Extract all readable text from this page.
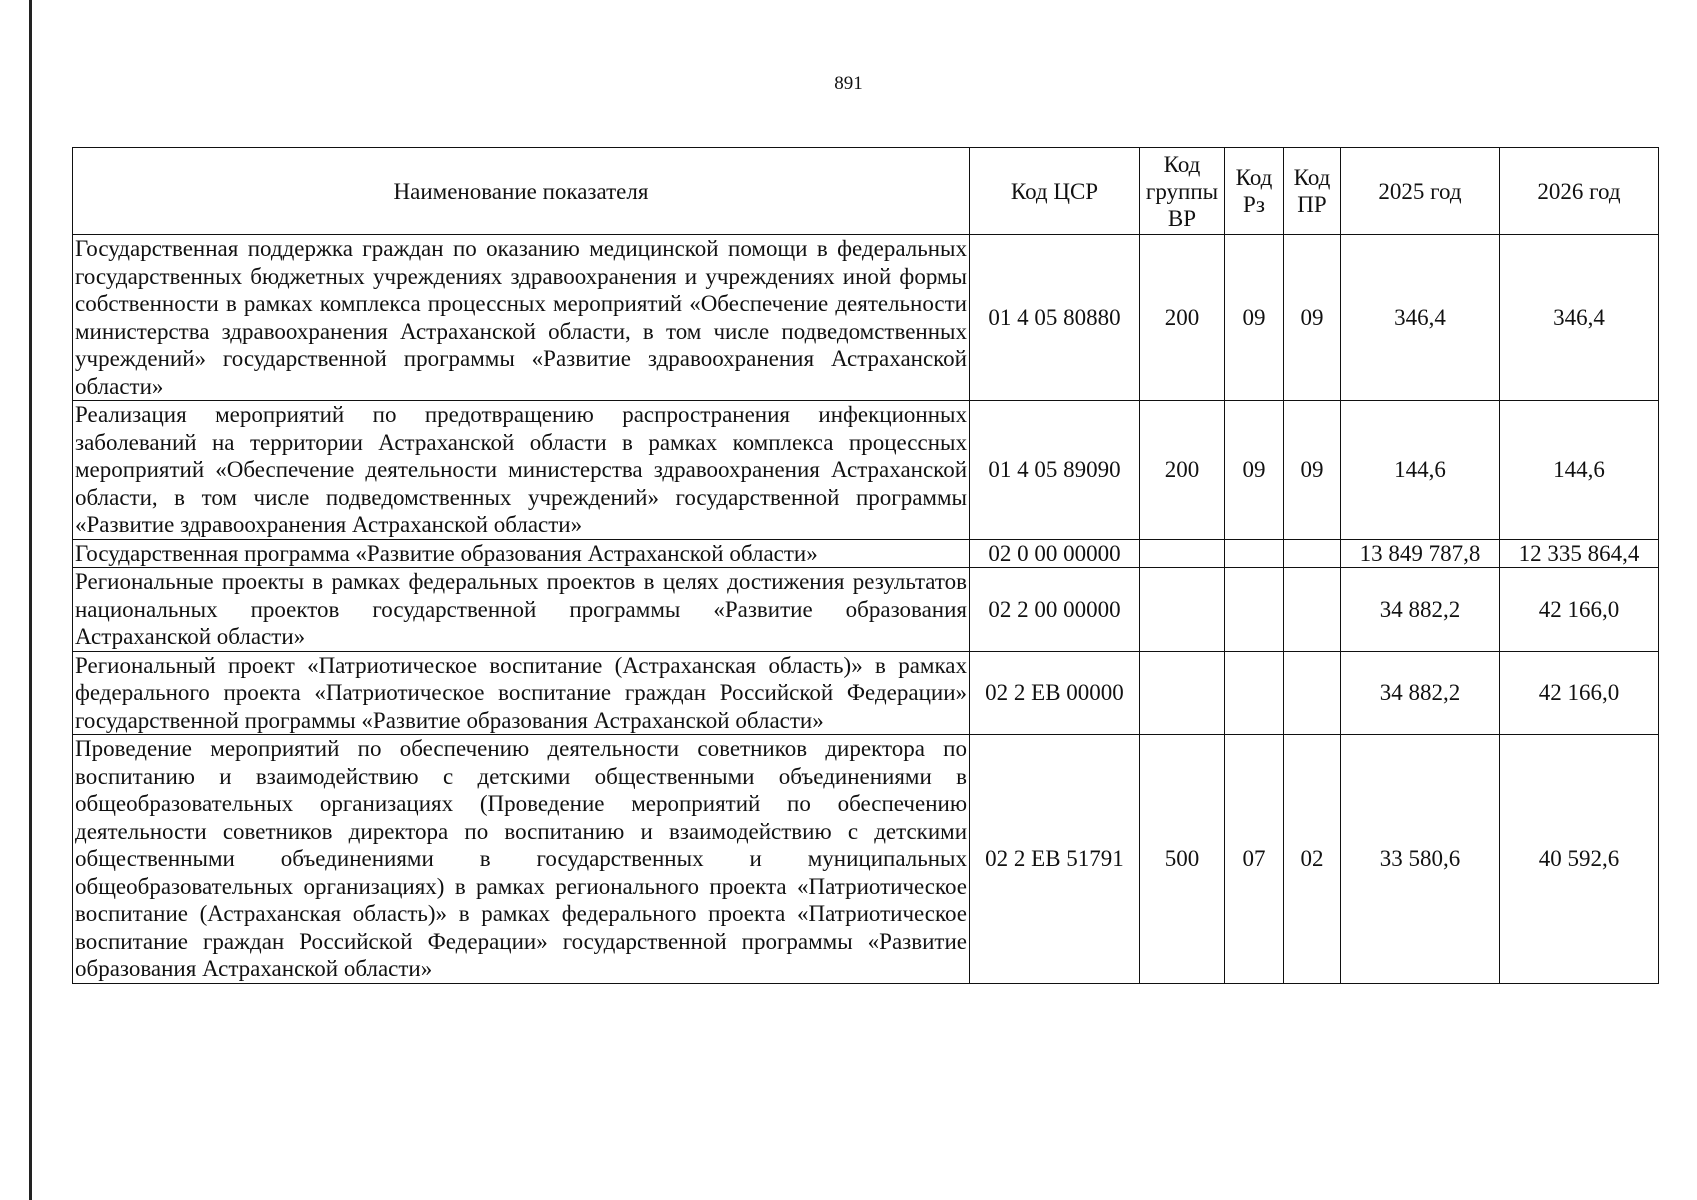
891
Наименование показателя	Код ЦСР	Код группы ВР	Код Рз	Код ПР	2025 год	2026 год
Государственная поддержка граждан по оказанию медицинской помощи в федеральных государственных бюджетных учреждениях здравоохранения и учреждениях иной формы собственности в рамках комплекса процессных мероприятий «Обеспечение деятельности министерства здравоохранения Астраханской области, в том числе подведомственных учреждений» государственной программы «Развитие здравоохранения Астраханской области»	01 4 05 80880	200	09	09	346,4	346,4
Реализация мероприятий по предотвращению распространения инфекционных заболеваний на территории Астраханской области в рамках комплекса процессных мероприятий «Обеспечение деятельности министерства здравоохранения Астраханской области, в том числе подведомственных учреждений» государственной программы «Развитие здравоохранения Астраханской области»	01 4 05 89090	200	09	09	144,6	144,6
Государственная программа «Развитие образования Астраханской области»	02 0 00 00000				13 849 787,8	12 335 864,4
Региональные проекты в рамках федеральных проектов в целях достижения результатов национальных проектов государственной программы «Развитие образования Астраханской области»	02 2 00 00000				34 882,2	42 166,0
Региональный проект «Патриотическое воспитание (Астраханская область)» в рамках федерального проекта «Патриотическое воспитание граждан Российской Федерации» государственной программы «Развитие образования Астраханской области»	02 2 ЕВ 00000				34 882,2	42 166,0
Проведение мероприятий по обеспечению деятельности советников директора по воспитанию и взаимодействию с детскими общественными объединениями в общеобразовательных организациях (Проведение мероприятий по обеспечению деятельности советников директора по воспитанию и взаимодействию с детскими общественными объединениями в государственных и муниципальных общеобразовательных организациях) в рамках регионального проекта «Патриотическое воспитание (Астраханская область)» в рамках федерального проекта «Патриотическое воспитание граждан Российской Федерации» государственной программы «Развитие образования Астраханской области»	02 2 ЕВ 51791	500	07	02	33 580,6	40 592,6
